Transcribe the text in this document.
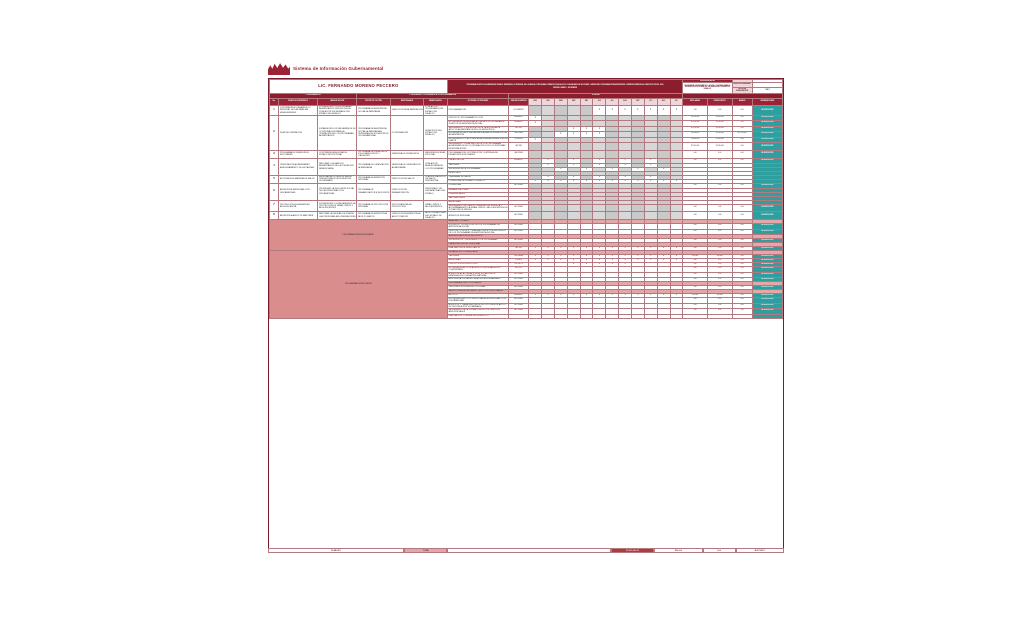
Sistema de Información Gubernamental
LIC. FERNANDO MORENO PECCERO						PROGRAMA DE APOYO ALIMENTARIO PARA EL DESARROLLO INTEGRAL DE LA FAMILIA / PROGRAMA OPERATIVO ANUAL 2015 / CALENDARIO DE ACCIONES Y METAS DEL PROGRAMA PRESUPUESTARIO CORRESPONDIENTE AL EJERCICIO FISCAL 2015
PERIODO ENERO - DICIEMBRE														DEPENDENCIA		UNIDAD RESPONSABLE	SEDESO
																				SECRETARÍA DE DESARROLLO SOCIAL / SISTEMA PARA EL DESARROLLO INTEGRAL DE LA FAMILIA DEL ESTADO DE HIDALGO		DIRECCIÓN GENERAL	
																						FECHA DE ELABORACIÓN	1 DE 1
I. PROGRAMACIÓN			II. CALENDARIO Y PROGRAMACIÓN DE LA PROGRAMACIÓN				III. METAS																
No.	OBJETIVO ESTRATÉGICO	LÍNEA DE ACCIÓN	PROYECTO / ACCIÓN	RESPONSABLE	BENEFICIARIOS	ACCIONES / ACTIVIDADES	UNIDAD DE MEDIDA	ENE	FEB	MAR	ABR	MAY	JUN	JUL	AGO	SEP	OCT	NOV	DIC	META ANUAL	PRESUPUESTO	AVANCE	OBSERVACIONES
1	CONTRIBUIR AL DESARROLLO INTEGRAL DE LAS FAMILIAS HIDALGUENSES	FORTALECER LOS PROGRAMAS ALIMENTARIOS DIRIGIDOS A LA POBLACIÓN VULNERABLE DEL ESTADO DE HIDALGO	PROGRAMA DE ASISTENCIA SOCIAL ALIMENTARIA	DIRECCIÓN DE ALIMENTACIÓN	POBLACIÓN VULNERABLE DEL ESTADO DE HIDALGO	PROGRAMACIÓN	DOCUMENTO						1	1	1	1	1	1	1	1.00	0.00	0.00	EN EJECUCIÓN
2	PLAN DE OPERACIÓN	ESTABLECER LOS MECANISMOS DE COORDINACIÓN PARA LA OPERACIÓN DE LOS PROGRAMAS ALIMENTARIOS	PROGRAMA DE ASISTENCIA SOCIAL ALIMENTARIA A PERSONAS EN SITUACIÓN DE VULNERABILIDAD	COORDINACIÓN	MUNICIPIOS DEL ESTADO DE HIDALGO	PROYECTO PROGRAMÁTICO 2015	ELEMENTO	1												$1,250,000	$1,250,000	0.00	EN EJECUCIÓN
						ENTREGA DE DESPENSAS A POBLACIÓN VULNERABLE / SUJETOS DE ASISTENCIA SOCIAL	ELEMENTO	1												$1,250,000	$1,250,000	0.00	EN EJECUCIÓN
						SEGUIMIENTO Y SUPERVISIÓN DE LA ENTREGA DE APOYOS ALIMENTARIOS EN LOS MUNICIPIOS	ACCIÓN				1	1	1							$1,250,000	$1,250,000	0.00	EN EJECUCIÓN
						ENTREGA DE RACIONES ALIMENTARIAS EN ESPACIOS DE ALIMENTACIÓN	RACIONES			1	1	1	1							282,804.00	$1,250,000	$15,750,000	EN EJECUCIÓN
						ENTREGA DE DOTACIONES ALIMENTARIAS A MENORES DE 5 AÑOS	DOTACIÓN	1												289,804.00	$1,250,000	0.00	EN EJECUCIÓN
						SEGUIMIENTO Y EVALUACIÓN DE LOS PROGRAMAS ALIMENTARIOS EN COORDINACIÓN CON LOS SISTEMAS MUNICIPALES DIF	ACCIÓN													$1,250,000	$1,250,000	0.00	EN EJECUCIÓN
3	PROGRAMA DE DESAYUNOS ESCOLARES	CONTRIBUIR A MEJORAR EL ESTADO NUTRICIONAL	PROGRAMA DE DESAYUNOS ESCOLARES FRÍOS Y CALIENTES	JEFATURA DE DESAYUNOS	MENORES EN EDAD ESCOLAR	PROGRAMACIÓN, DISTRIBUCIÓN Y ENTREGA DE DESAYUNOS ESCOLARES	RACIONES													0.00	0.00	0.00	EN EJECUCIÓN
4	ORIENTACIÓN ALIMENTARIA Y ASEGURAMIENTO DE LA CALIDAD	MEJORAR LOS HÁBITOS ALIMENTARIOS DE LA POBLACIÓN BENEFICIARIA	PROGRAMA DE ORIENTACIÓN ALIMENTARIA	JEFATURA DE ORIENTACIÓN ALIMENTARIA	POBLACIÓN BENEFICIARIA DE LOS PROGRAMAS	CAPACITACIÓN	ELEMENTO		1		1		1		1		1			0.00	0.00	0.00	EN EJECUCIÓN
						TALLERES	ELEMENTO		1		1		1		1		1			0.00	0.00	0.00	EN EJECUCIÓN
						SUPERVISIÓN DE PROGRAMAS	ELEMENTO			1		1		1		1		1		0.00	0.00	0.00	EN EJECUCIÓN
						MUESTREO	ELEMENTO													0.00	0.00	0.00	EN EJECUCIÓN
5	ACCIONES EN MATERIA DE SALUD	IMPULSAR ACCIONES DE SALUD PREVENTIVA EN LA POBLACIÓN VULNERABLE	PROGRAMA DE ATENCIÓN INTEGRAL	DIRECCIÓN DE SALUD	PLAN ESTRATÉGICO DE SALUD PREVENTIVA	CAMPAÑAS DE SALUD	CAMPAÑA		1		1		1		1		1			0.00	0.00	0.00	EN EJECUCIÓN
						CONSULTAS DE PRIMER CONTACTO	RESPUESTA	1	1	1	1	1	1	1	1	1	1	1	1	0.00	0.00	0.00	EN EJECUCIÓN
6	ATENCIÓN A PERSONAS CON DISCAPACIDAD	PROMOVER LA INCLUSIÓN SOCIAL DE LAS PERSONAS CON DISCAPACIDAD	PROGRAMA DE REHABILITACIÓN E INCLUSIÓN	DIRECCIÓN DE REHABILITACIÓN	PERSONAS CON DISCAPACIDAD DEL ESTADO	CONSULTAS	ACCIONES													0.00	0.00	0.00	EN EJECUCIÓN
						REHABILITACIONES	ACCIONES													0.00	0.00	0.00	EN EJECUCIÓN
						CREDENCIALES	ACCIONES													0.00	0.00	0.00	EN EJECUCIÓN
						VALORACIONES	ACCIONES													0.00	0.00	0.00	EN EJECUCIÓN
7	PROTECCIÓN A LA INFANCIA Y ADOLESCENCIA	FORTALECER LOS MECANISMOS DE PROTECCIÓN DE NIÑAS, NIÑOS Y ADOLESCENTES	PROGRAMA DE PROTECCIÓN INTEGRAL	PROCURADURÍA DE PROTECCIÓN	NIÑAS, NIÑOS Y ADOLESCENTES	ASESORÍAS	ACCIONES													0.00	0.00	0.00	EN EJECUCIÓN
						SEGUIMIENTO DE CASOS, ORIENTACIÓN JURÍDICA Y ACOMPAÑAMIENTO A NIÑAS, NIÑOS Y ADOLESCENTES EN SITUACIÓN DE RIESGO	ACCIONES													0.00	0.00	0.00	EN EJECUCIÓN
8	ATENCIÓN A ADULTOS MAYORES	MEJORAR LA CALIDAD DE VIDA DE LAS PERSONAS ADULTAS MAYORES	PROGRAMA DE ATENCIÓN AL ADULTO MAYOR	DIRECCIÓN DE ATENCIÓN AL ADULTO MAYOR	ADULTOS MAYORES DEL ESTADO DE HIDALGO	ATENCIÓN INTEGRAL	ACCIONES													0.00	0.00	0.00	EN EJECUCIÓN
PROGRAMA PRESUPUESTARIO						APARTADO / RUBRO																	
						DIFUSIÓN Y PROMOCIÓN DE LOS PROGRAMAS DE ASISTENCIA SOCIAL	ACCIONES													0.00	0.00	0.00	EN EJECUCIÓN
						GESTIÓN, CONTROL Y EVALUACIÓN DE LOS RECURSOS DE LOS PROGRAMAS DE ASISTENCIA SOCIAL	ACCIONES													0.00	0.00	0.00	EN EJECUCIÓN
						ADMINISTRACIÓN DE RECURSOS																	
						SUPERVISIÓN Y SEGUIMIENTO DE PROGRAMAS	ACCIONES													0.00	0.00	0.00	EN EJECUCIÓN
						CAPACITACIÓN DEL PERSONAL																	
						EVALUACIÓN DE RESULTADOS	ACCIÓN	1	1	1	1	1	1	1	1	1	1	1	1	0.00	0.00	0.00	EN EJECUCIÓN
PROGRAMAS ESPECIALES						DESARROLLO COMUNITARIO																	
						TALLERES	ESCUELAS	1	1	1	1	1	1	1	1	1	1	1	1	$20,000	$20,000	0.00	EN EJECUCIÓN
						ASESORÍAS	CURSOS	1	1	1	1	1	1	1	1	1	1	1	1	0.00	0.00	0.00	EN EJECUCIÓN
						PROYECTOS PRODUCTIVOS	PROYECTO				1	1	1	1	1					0.00	0.00	0.00	EN EJECUCIÓN
						ENTREGA DE APOYOS A GRUPOS DE DESARROLLO COMUNITARIO	APOYOS													0.00	0.00	0.00	EN EJECUCIÓN
						ATENCIÓN A LA POBLACIÓN EN SITUACIÓN DE EMERGENCIA O DESASTRE NATURAL	ACCIONES													0.00	0.00	0.00	EN EJECUCIÓN
						ASISTENCIA SOCIAL A POBLACIÓN EN DESAMPARO	ACCIONES													0.00	0.00	0.00	EN EJECUCIÓN
						PROGRAMAS INSTITUCIONALES																	
						VINCULACIÓN INTERINSTITUCIONAL	ACCIONES													0.00	0.00	0.00	EN EJECUCIÓN
						SERVICIOS ASISTENCIALES Y APOYOS FUNCIONALES																	
						APOYOS	ELEMENTO	1	1	1	1	1	1	1	1	1	1	1	1	$20,000	$20,000	0.00	EN EJECUCIÓN
						ENTREGA DE APOYOS FUNCIONALES A PERSONAS CON DISCAPACIDAD	ACCIONES													0.00	0.00	0.00	EN EJECUCIÓN
						ATENCIÓN Y CANALIZACIÓN DE SOLICITUDES DE APOYO DE LA POBLACIÓN VULNERABLE	ACCIONES													0.00	0.00	0.00	EN EJECUCIÓN
						SEGUIMIENTO A LA OPERACIÓN DE LOS CENTROS ASISTENCIALES	ACCIONES													0.00	0.00	0.00	EN EJECUCIÓN
						EVALUACIÓN Y CIERRE DEL EJERCICIO	ACCIÓN													0.00	0.00	0.00	EN EJECUCIÓN
ELABORÓ	TOTAL	$3,500,000.00	$20,000	0.00	AUTORIZÓ
